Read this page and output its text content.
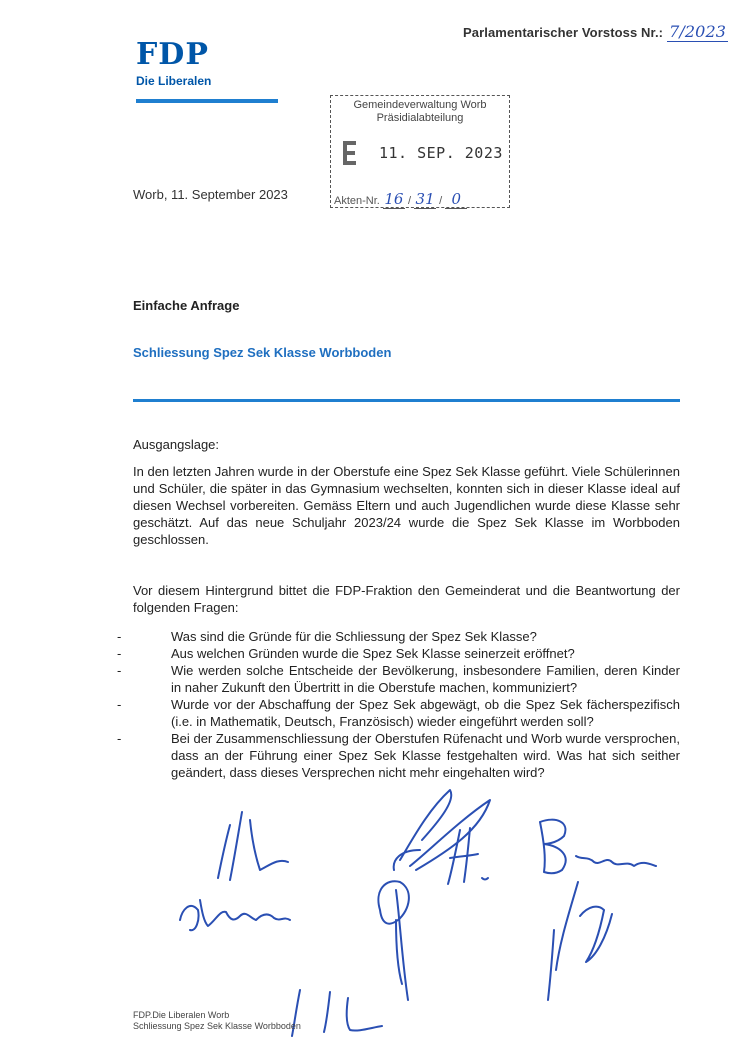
Parlamentarischer Vorstoss Nr.: 7/2023
FDP
Die Liberalen
Gemeindeverwaltung Worb
Präsidialabteilung
11. SEP. 2023
Akten-Nr. 16 / 31 / 0
Worb, 11. September 2023
Einfache Anfrage
Schliessung Spez Sek Klasse Worbboden
Ausgangslage:
In den letzten Jahren wurde in der Oberstufe eine Spez Sek Klasse geführt. Viele Schülerinnen und Schüler, die später in das Gymnasium wechselten, konnten sich in dieser Klasse ideal auf diesen Wechsel vorbereiten. Gemäss Eltern und auch Jugendlichen wurde diese Klasse sehr geschätzt. Auf das neue Schuljahr 2023/24 wurde die Spez Sek Klasse im Worbboden geschlossen.
Vor diesem Hintergrund bittet die FDP-Fraktion den Gemeinderat und die Beantwortung der folgenden Fragen:
- Was sind die Gründe für die Schliessung der Spez Sek Klasse?
- Aus welchen Gründen wurde die Spez Sek Klasse seinerzeit eröffnet?
- Wie werden solche Entscheide der Bevölkerung, insbesondere Familien, deren Kinder in naher Zukunft den Übertritt in die Oberstufe machen, kommuniziert?
- Wurde vor der Abschaffung der Spez Sek abgewägt, ob die Spez Sek fächerspezifisch (i.e. in Mathematik, Deutsch, Französisch) wieder eingeführt werden soll?
- Bei der Zusammenschliessung der Oberstufen Rüfenacht und Worb wurde versprochen, dass an der Führung einer Spez Sek Klasse festgehalten wird. Was hat sich seither geändert, dass dieses Versprechen nicht mehr eingehalten wird?
FDP.Die Liberalen Worb
Schliessung Spez Sek Klasse Worbboden
